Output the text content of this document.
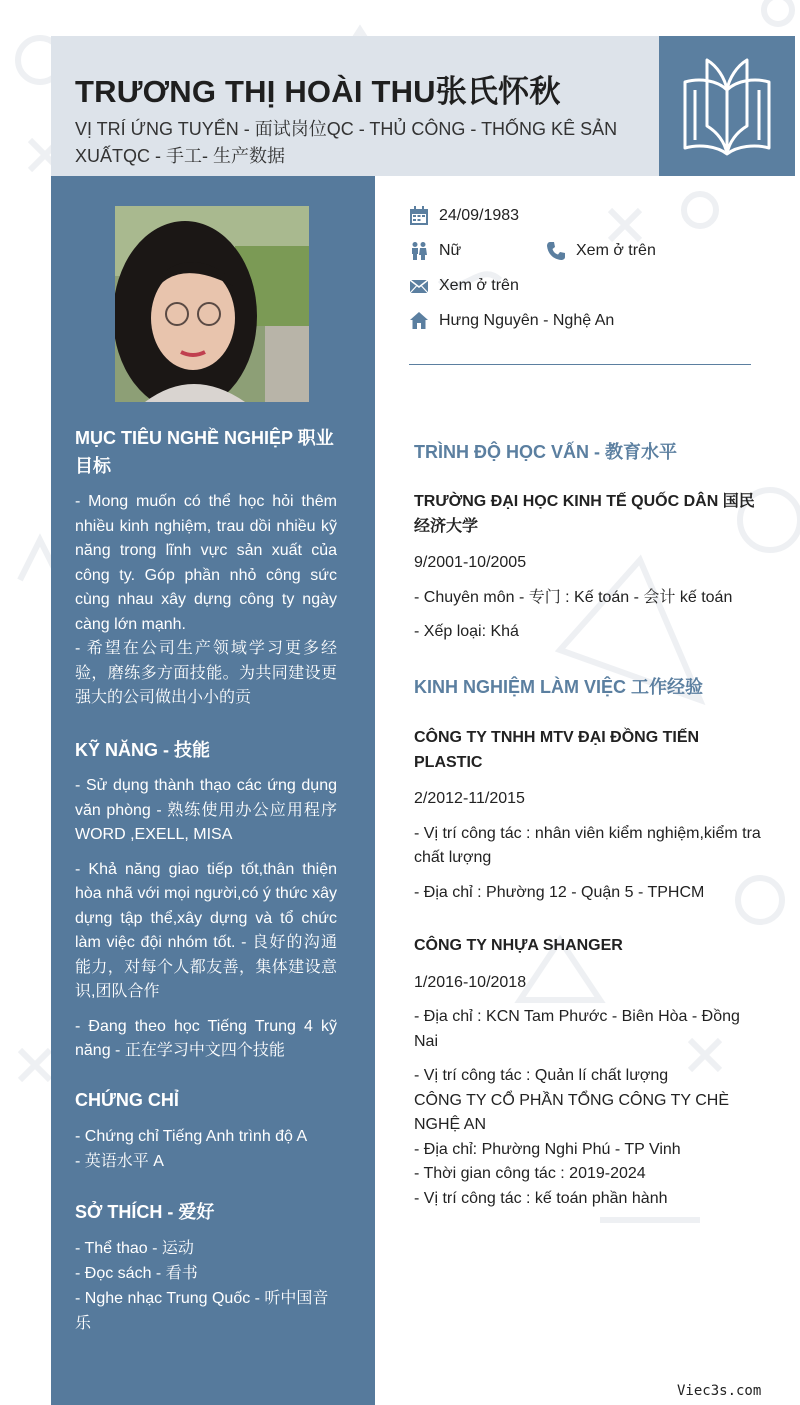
TRƯƠNG THỊ HOÀI THU张氏怀秋
VỊ TRÍ ỨNG TUYỂN - 面试岗位QC - THỦ CÔNG - THỐNG KÊ SẢN XUẤTQC - 手工- 生产数据
MỤC TIÊU NGHỀ NGHIỆP 职业目标

- Mong muốn có thể học hỏi thêm nhiều kinh nghiệm, trau dồi nhiều kỹ năng trong lĩnh vực sản xuất của công ty. Góp phần nhỏ công sức cùng nhau xây dựng công ty ngày càng lớn mạnh.
- 希望在公司生产领域学习更多经验，磨练多方面技能。为共同建设更强大的公司做出小小的贡

KỸ NĂNG - 技能

- Sử dụng thành thạo các ứng dụng văn phòng - 熟练使用办公应用程序 WORD ,EXELL, MISA

- Khả năng giao tiếp tốt,thân thiện hòa nhã với mọi người,có ý thức xây dựng tập thể,xây dựng và tổ chức làm việc đội nhóm tốt. - 良好的沟通能力，对每个人都友善，集体建设意识,团队合作

- Đang theo học Tiếng Trung 4 kỹ năng - 正在学习中文四个技能

CHỨNG CHỈ
- Chứng chỉ Tiếng Anh trình độ A
- 英语水平 A
SỞ THÍCH - 爱好
- Thể thao - 运动
- Đọc sách - 看书
- Nghe nhạc Trung Quốc - 听中国音乐
24/09/1983
Nữ	Xem ở trên
Xem ở trên
Hưng Nguyên - Nghệ An
TRÌNH ĐỘ HỌC VẤN - 教育水平

TRƯỜNG ĐẠI HỌC KINH TẾ QUỐC DÂN 国民经济大学

9/2001-10/2005

- Chuyên môn - 专门 : Kế toán - 会计 kế toán

- Xếp loại: Khá

KINH NGHIỆM LÀM VIỆC 工作经验

CÔNG TY TNHH MTV ĐẠI ĐỒNG TIẾN PLASTIC

2/2012-11/2015

- Vị trí công tác : nhân viên kiểm nghiệm,kiểm tra chất lượng

- Địa chỉ : Phường 12 - Quận 5 - TPHCM

CÔNG TY NHỰA SHANGER

1/2016-10/2018

- Địa chỉ : KCN Tam Phước - Biên Hòa - Đồng Nai

- Vị trí công tác : Quản lí chất lượng
CÔNG TY CỔ PHẦN TỔNG CÔNG TY CHÈ NGHỆ AN
- Địa chỉ: Phường Nghi Phú - TP Vinh
- Thời gian công tác : 2019-2024
- Vị trí công tác : kế toán phần hành

Viec3s.com
